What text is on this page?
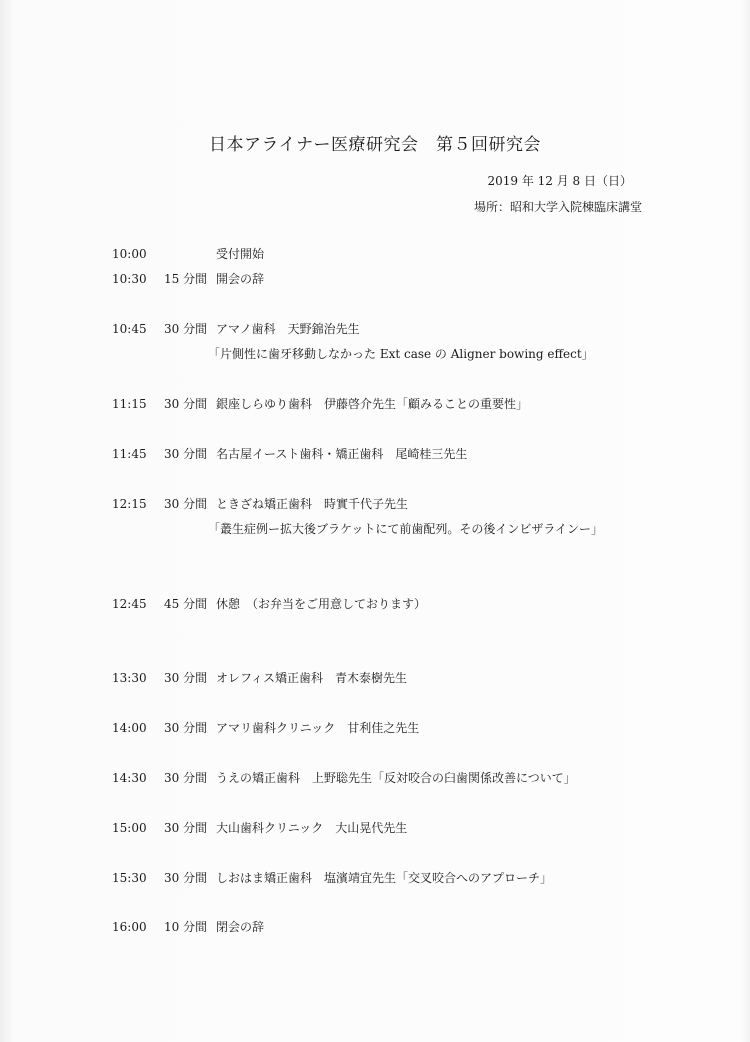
日本アライナー医療研究会　第５回研究会
2019 年 12 月 8 日（日）
場所：昭和大学入院棟臨床講堂
10:00	受付開始
10:30 15 分間 開会の辞
10:45 30 分間 アマノ歯科　天野錦治先生
「片側性に歯牙移動しなかった Ext case の Aligner bowing effect」
11:15 30 分間 銀座しらゆり歯科　伊藤啓介先生「顧みることの重要性」
11:45 30 分間 名古屋イースト歯科・矯正歯科　尾崎桂三先生
12:15 30 分間 ときざね矯正歯科　時實千代子先生
「叢生症例ー拡大後ブラケットにて前歯配列。その後インビザラインー」
12:45 45 分間 休憩　（お弁当をご用意しております）
13:30 30 分間 オレフィス矯正歯科　青木泰樹先生
14:00 30 分間 アマリ歯科クリニック　甘利佳之先生
14:30 30 分間 うえの矯正歯科　上野聡先生「反対咬合の臼歯関係改善について」
15:00 30 分間 大山歯科クリニック　大山晃代先生
15:30 30 分間 しおはま矯正歯科　塩濱靖宜先生「交叉咬合へのアプローチ」
16:00 10 分間 閉会の辞
